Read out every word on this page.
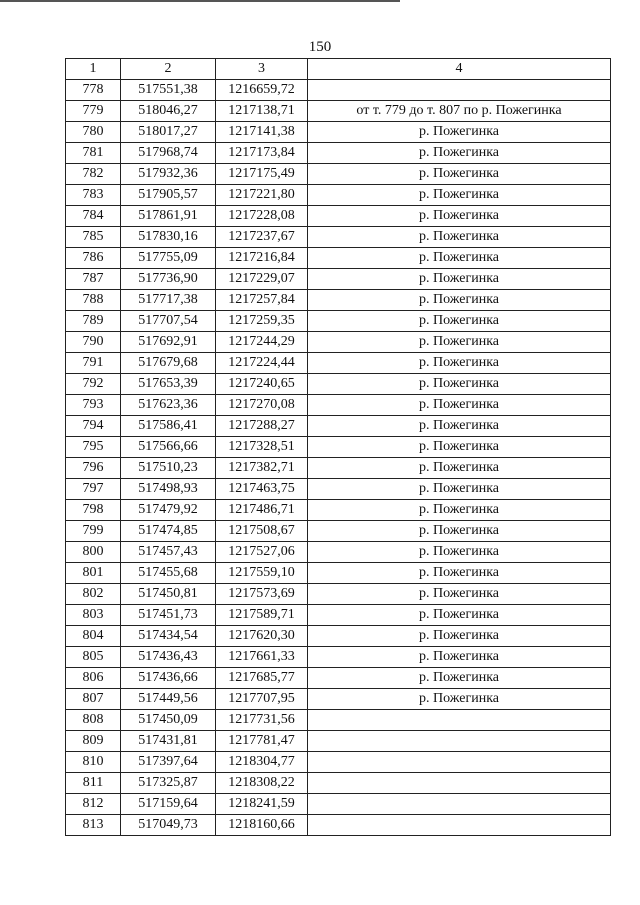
150
1	2	3	4
778	517551,38	1216659,72	
779	518046,27	1217138,71	от т. 779 до т. 807 по р. Пожегинка
780	518017,27	1217141,38	р. Пожегинка
781	517968,74	1217173,84	р. Пожегинка
782	517932,36	1217175,49	р. Пожегинка
783	517905,57	1217221,80	р. Пожегинка
784	517861,91	1217228,08	р. Пожегинка
785	517830,16	1217237,67	р. Пожегинка
786	517755,09	1217216,84	р. Пожегинка
787	517736,90	1217229,07	р. Пожегинка
788	517717,38	1217257,84	р. Пожегинка
789	517707,54	1217259,35	р. Пожегинка
790	517692,91	1217244,29	р. Пожегинка
791	517679,68	1217224,44	р. Пожегинка
792	517653,39	1217240,65	р. Пожегинка
793	517623,36	1217270,08	р. Пожегинка
794	517586,41	1217288,27	р. Пожегинка
795	517566,66	1217328,51	р. Пожегинка
796	517510,23	1217382,71	р. Пожегинка
797	517498,93	1217463,75	р. Пожегинка
798	517479,92	1217486,71	р. Пожегинка
799	517474,85	1217508,67	р. Пожегинка
800	517457,43	1217527,06	р. Пожегинка
801	517455,68	1217559,10	р. Пожегинка
802	517450,81	1217573,69	р. Пожегинка
803	517451,73	1217589,71	р. Пожегинка
804	517434,54	1217620,30	р. Пожегинка
805	517436,43	1217661,33	р. Пожегинка
806	517436,66	1217685,77	р. Пожегинка
807	517449,56	1217707,95	р. Пожегинка
808	517450,09	1217731,56	
809	517431,81	1217781,47	
810	517397,64	1218304,77	
811	517325,87	1218308,22	
812	517159,64	1218241,59	
813	517049,73	1218160,66	
